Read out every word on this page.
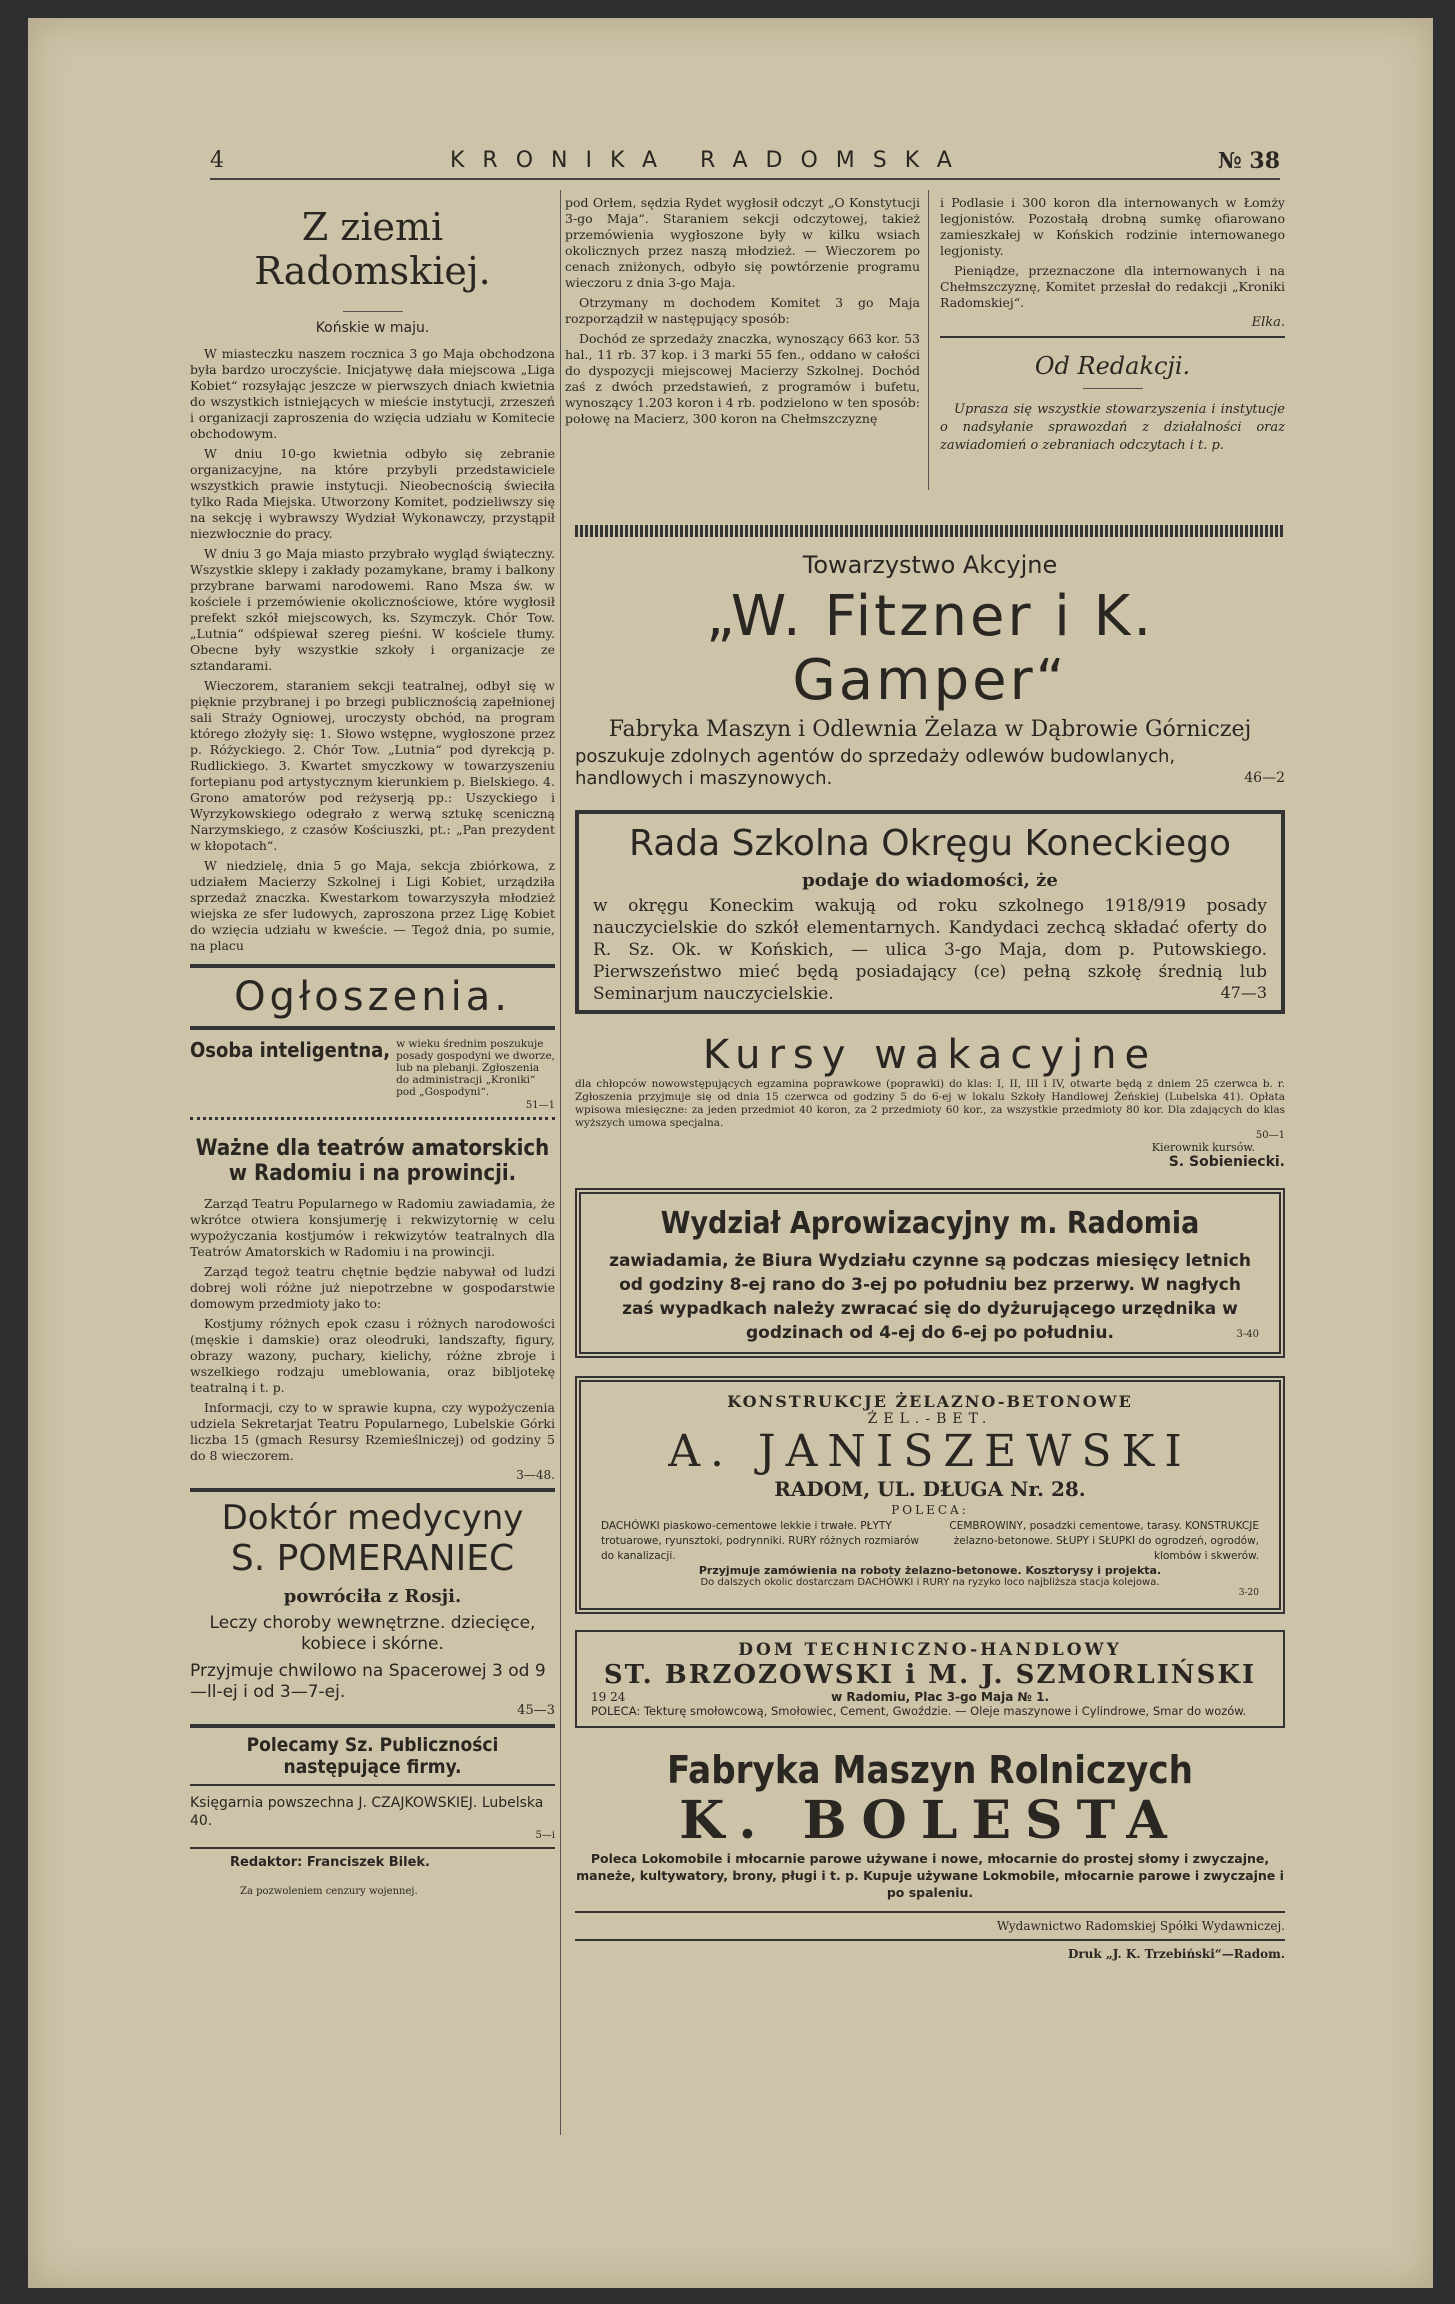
4	KRONIKA RADOMSKA	№ 38
Z ziemi Radomskiej.
Końskie w maju.

W miasteczku naszem rocznica 3 go Maja obchodzona była bardzo uroczyście. Inicjatywę dała miejscowa „Liga Kobiet“ rozsyłając jeszcze w pierwszych dniach kwietnia do wszystkich istniejących w mieście instytucji, zrzeszeń i organizacji zaproszenia do wzięcia udziału w Komitecie obchodowym.

W dniu 10-go kwietnia odbyło się zebranie organizacyjne, na które przybyli przedstawiciele wszystkich prawie instytucji. Nieobecnością świeciła tylko Rada Miejska. Utworzony Komitet, podzieliwszy się na sekcję i wybrawszy Wydział Wykonawczy, przystąpił niezwłocznie do pracy.

W dniu 3 go Maja miasto przybrało wygląd świąteczny. Wszystkie sklepy i zakłady pozamykane, bramy i balkony przybrane barwami narodowemi. Rano Msza św. w kościele i przemówienie okolicznościowe, które wygłosił prefekt szkół miejscowych, ks. Szymczyk. Chór Tow. „Lutnia“ odśpiewał szereg pieśni. W kościele tłumy. Obecne były wszystkie szkoły i organizacje ze sztandarami.

Wieczorem, staraniem sekcji teatralnej, odbył się w pięknie przybranej i po brzegi publicznością zapełnionej sali Straży Ogniowej, uroczysty obchód, na program którego złożyły się: 1. Słowo wstępne, wygłoszone przez p. Różyckiego. 2. Chór Tow. „Lutnia“ pod dyrekcją p. Rudlickiego. 3. Kwartet smyczkowy w towarzyszeniu fortepianu pod artystycznym kierunkiem p. Bielskiego. 4. Grono amatorów pod reżyserją pp.: Uszyckiego i Wyrzykowskiego odegrało z werwą sztukę sceniczną Narzymskiego, z czasów Kościuszki, pt.: „Pan prezydent w kłopotach“.

W niedzielę, dnia 5 go Maja, sekcja zbiórkowa, z udziałem Macierzy Szkolnej i Ligi Kobiet, urządziła sprzedaż znaczka. Kwestarkom towarzyszyła młodzież wiejska ze sfer ludowych, zaproszona przez Ligę Kobiet do wzięcia udziału w kweście. — Tegoż dnia, po sumie, na placu

Ogłoszenia.
Osoba inteligentna, w wieku średnim poszukuje posady gospodyni we dworze, lub na plebanji. Zgłoszenia do administracji „Kroniki“ pod „Gospodyni“.
51—1
Ważne dla teatrów amatorskich
w Radomiu i na prowincji.

Zarząd Teatru Popularnego w Radomiu zawiadamia, że wkrótce otwiera konsjumerję i rekwizytornię w celu wypożyczania kostjumów i rekwizytów teatralnych dla Teatrów Amatorskich w Radomiu i na prowincji.

Zarząd tegoż teatru chętnie będzie nabywał od ludzi dobrej woli różne już niepotrzebne w gospodarstwie domowym przedmioty jako to:

Kostjumy różnych epok czasu i różnych narodowości (męskie i damskie) oraz oleodruki, landszafty, figury, obrazy wazony, puchary, kielichy, różne zbroje i wszelkiego rodzaju umeblowania, oraz bibljotekę teatralną i t. p.

Informacji, czy to w sprawie kupna, czy wypożyczenia udziela Sekretarjat Teatru Popularnego, Lubelskie Górki liczba 15 (gmach Resursy Rzemieślniczej) od godziny 5 do 8 wieczorem.

3—48.
Doktór medycyny
S. POMERANIEC
powróciła z Rosji.
Leczy choroby wewnętrzne. dziecięce, kobiece i skórne.
Przyjmuje chwilowo na Spacerowej 3 od 9—ll-ej i od 3—7-ej.
45—3
Polecamy Sz. Publiczności następujące firmy.
Księgarnia powszechna J. CZAJKOWSKIEJ. Lubelska 40.
5—i
Redaktor: Franciszek Bilek.
Za pozwoleniem cenzury wojennej.

pod Orłem, sędzia Rydet wygłosił odczyt „O Konstytucji 3-go Maja“. Staraniem sekcji odczytowej, takież przemówienia wygłoszone były w kilku wsiach okolicznych przez naszą młodzież. — Wieczorem po cenach zniżonych, odbyło się powtórzenie programu wieczoru z dnia 3-go Maja.

Otrzymany m dochodem Komitet 3 go Maja rozporządził w następujący sposób:

Dochód ze sprzedaży znaczka, wynoszący 663 kor. 53 hal., 11 rb. 37 kop. i 3 marki 55 fen., oddano w całości do dyspozycji miejscowej Macierzy Szkolnej. Dochód zaś z dwóch przedstawień, z programów i bufetu, wynoszący 1.203 koron i 4 rb. podzielono w ten sposób: połowę na Macierz, 300 koron na Chełmszczyznę

i Podlasie i 300 koron dla internowanych w Łomży legjonistów. Pozostałą drobną sumkę ofiarowano zamieszkałej w Końskich rodzinie internowanego legjonisty.

Pieniądze, przeznaczone dla internowanych i na Chełmszczyznę, Komitet przesłał do redakcji „Kroniki Radomskiej“.

Elka.
Od Redakcji.

Uprasza się wszystkie stowarzyszenia i instytucje o nadsyłanie sprawozdań z działalności oraz zawiadomień o zebraniach odczytach i t. p.

Towarzystwo Akcyjne
„W. Fitzner i K. Gamper“
Fabryka Maszyn i Odlewnia Żelaza w Dąbrowie Górniczej
poszukuje zdolnych agentów do sprzedaży odlewów budowlanych, handlowych i maszynowych.	46—2
Rada Szkolna Okręgu Koneckiego
podaje do wiadomości, że
w okręgu Koneckim wakują od roku szkolnego 1918/919 posady nauczycielskie do szkół elementarnych. Kandydaci zechcą składać oferty do R. Sz. Ok. w Końskich, — ulica 3-go Maja, dom p. Putowskiego. Pierwszeństwo mieć będą posiadający (ce) pełną szkołę średnią lub Seminarjum nauczycielskie.	47—3
Kursy wakacyjne
dla chłopców nowowstępujących egzamina poprawkowe (poprawki) do klas: I, II, III i IV, otwarte będą z dniem 25 czerwca b. r. Zgłoszenia przyjmuje się od dnia 15 czerwca od godziny 5 do 6-ej w lokalu Szkoły Handlowej Żeńskiej (Lubelska 41). Opłata wpisowa miesięczne: za jeden przedmiot 40 koron, za 2 przedmioty 60 kor., za wszystkie przedmioty 80 kor. Dla zdających do klas wyższych umowa specjalna.
50—1
Kierownik kursów.
S. Sobieniecki.
Wydział Aprowizacyjny m. Radomia
zawiadamia, że Biura Wydziału czynne są podczas miesięcy letnich od godziny 8-ej rano do 3-ej po południu bez przerwy. W nagłych zaś wypadkach należy zwracać się do dyżurującego urzędnika w godzinach od 4-ej do 6-ej po południu.	3-40
KONSTRUKCJE ŻELAZNO-BETONOWE
ŻEL.-BET.
A. JANISZEWSKI
RADOM, UL. DŁUGA Nr. 28.
POLECA:
DACHÓWKI piaskowo-cementowe lekkie i trwałe. PŁYTY trotuarowe, ryunsztoki, podrynniki. RURY różnych rozmiarów do kanalizacji.
CEMBROWINY, posadzki cementowe, tarasy. KONSTRUKCJE żelazno-betonowe. SŁUPY i SŁUPKI do ogrodzeń, ogrodów, klombów i skwerów.
Przyjmuje zamówienia na roboty żelazno-betonowe. Kosztorysy i projekta.
Do dalszych okolic dostarczam DACHÓWKI i RURY na ryzyko loco najbliższa stacja kolejowa.
3-20
DOM TECHNICZNO-HANDLOWY
ST. BRZOZOWSKI i M. J. SZMORLIŃSKI
19 24	w Radomiu, Plac 3-go Maja № 1.
POLECA: Tekturę smołowcową, Smołowiec, Cement, Gwoździe. — Oleje maszynowe i Cylindrowe, Smar do wozów.
Fabryka Maszyn Rolniczych
K. BOLESTA
Poleca Lokomobile i młocarnie parowe używane i nowe, młocarnie do prostej słomy i zwyczajne, maneże, kultywatory, brony, pługi i t. p. Kupuje używane Lokmobile, młocarnie parowe i zwyczajne i po spaleniu.
Wydawnictwo Radomskiej Spółki Wydawniczej.
Druk „J. K. Trzebiński“—Radom.
